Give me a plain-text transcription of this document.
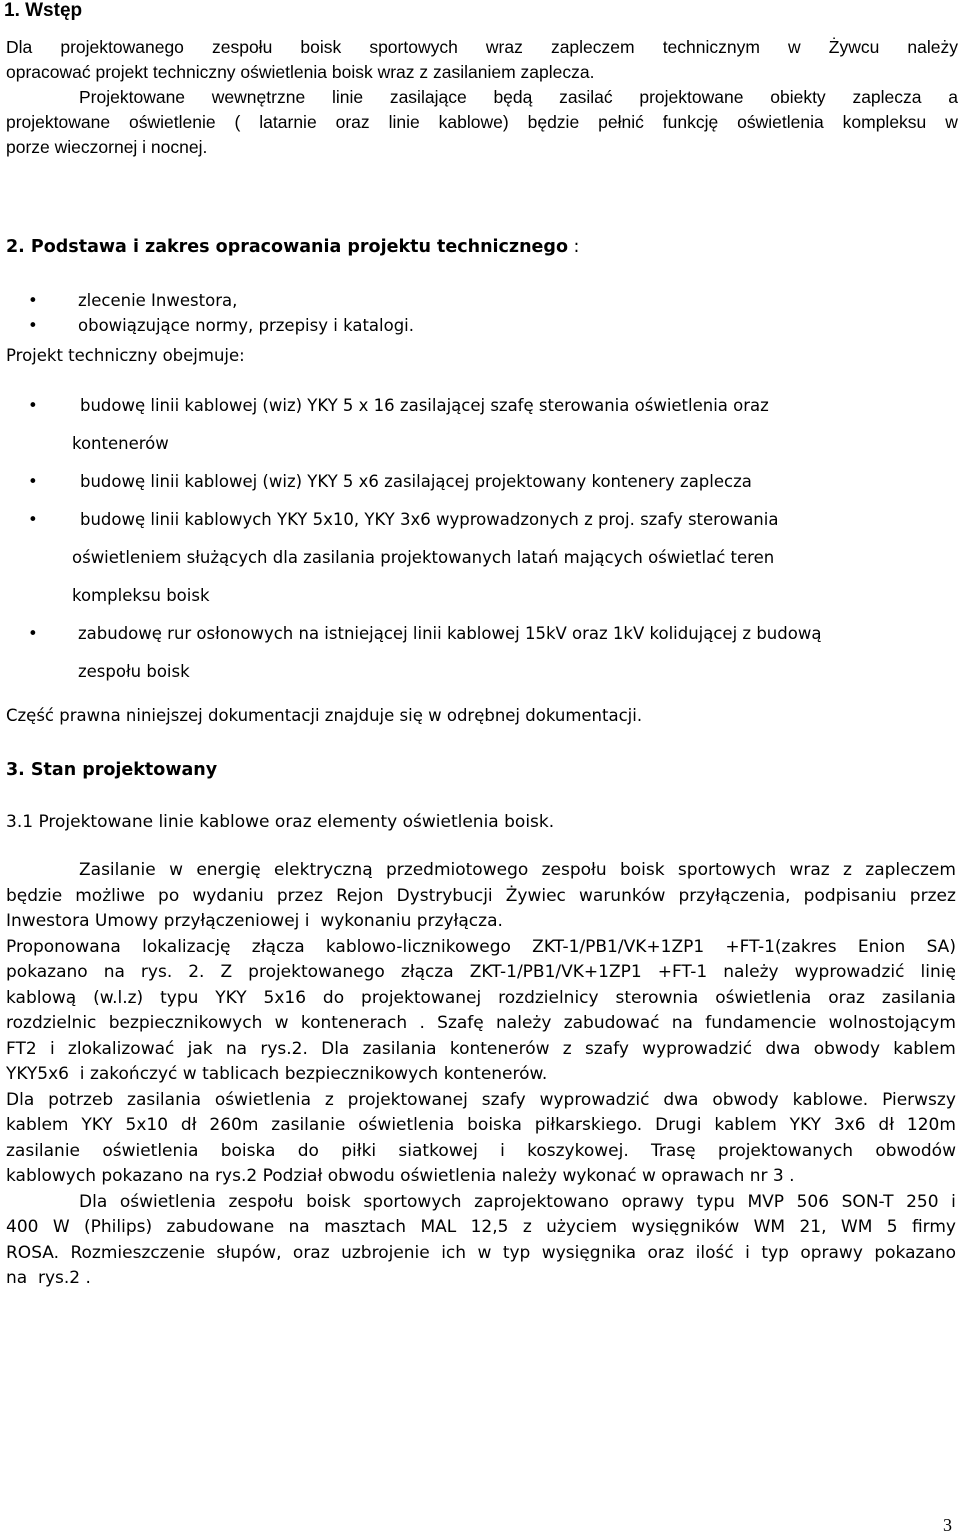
1. Wstęp
Dla projektowanego zespołu boisk sportowych wraz zapleczem technicznym w Żywcu należy
opracować projekt techniczny oświetlenia boisk wraz z zasilaniem zaplecza.
Projektowane wewnętrzne linie zasilające będą zasilać projektowane obiekty zaplecza a
projektowane oświetlenie ( latarnie oraz linie kablowe) będzie pełnić funkcję oświetlenia kompleksu w
porze wieczornej i nocnej.
2. Podstawa i zakres opracowania projektu technicznego :
• zlecenie Inwestora,
• obowiązujące normy, przepisy i katalogi.
Projekt techniczny obejmuje:
•	budowę linii kablowej (wiz) YKY 5 x 16 zasilającej szafę sterowania oświetlenia oraz
kontenerów
•	budowę linii kablowej (wiz) YKY 5 x6 zasilającej projektowany kontenery zaplecza
•	budowę linii kablowych YKY 5x10, YKY 3x6 wyprowadzonych z proj. szafy sterowania
oświetleniem służących dla zasilania projektowanych latań mających oświetlać teren
kompleksu boisk
• zabudowę rur osłonowych na istniejącej linii kablowej 15kV oraz 1kV kolidującej z budową
zespołu boisk
Część prawna niniejszej dokumentacji znajduje się w odrębnej dokumentacji.
3. Stan projektowany
3.1 Projektowane linie kablowe oraz elementy oświetlenia boisk.
Zasilanie w energię elektryczną przedmiotowego zespołu boisk sportowych wraz z zapleczem
będzie możliwe po wydaniu przez Rejon Dystrybucji Żywiec warunków przyłączenia, podpisaniu przez
Inwestora Umowy przyłączeniowej i  wykonaniu przyłącza.
Proponowana lokalizację złącza kablowo-licznikowego ZKT-1/PB1/VK+1ZP1 +FT-1(zakres Enion SA)
pokazano na rys. 2. Z projektowanego złącza ZKT-1/PB1/VK+1ZP1 +FT-1 należy wyprowadzić linię
kablową (w.l.z) typu YKY 5x16 do projektowanej rozdzielnicy sterownia oświetlenia oraz zasilania
rozdzielnic bezpiecznikowych w kontenerach . Szafę należy zabudować na fundamencie wolnostojącym
FT2 i zlokalizować jak na rys.2. Dla zasilania kontenerów z szafy wyprowadzić dwa obwody kablem
YKY5x6  i zakończyć w tablicach bezpiecznikowych kontenerów.
Dla potrzeb zasilania oświetlenia z projektowanej szafy wyprowadzić dwa obwody kablowe. Pierwszy
kablem YKY 5x10 dł 260m zasilanie oświetlenia boiska piłkarskiego. Drugi kablem YKY 3x6 dł 120m
zasilanie oświetlenia boiska do piłki siatkowej i koszykowej. Trasę projektowanych obwodów
kablowych pokazano na rys.2 Podział obwodu oświetlenia należy wykonać w oprawach nr 3 .
Dla oświetlenia zespołu boisk sportowych zaprojektowano oprawy typu MVP 506 SON-T 250 i
400 W (Philips) zabudowane na masztach MAL 12,5 z użyciem wysięgników WM 21, WM 5 firmy
ROSA. Rozmieszczenie słupów, oraz uzbrojenie ich w typ wysięgnika oraz ilość i typ oprawy pokazano
na  rys.2 .
3
